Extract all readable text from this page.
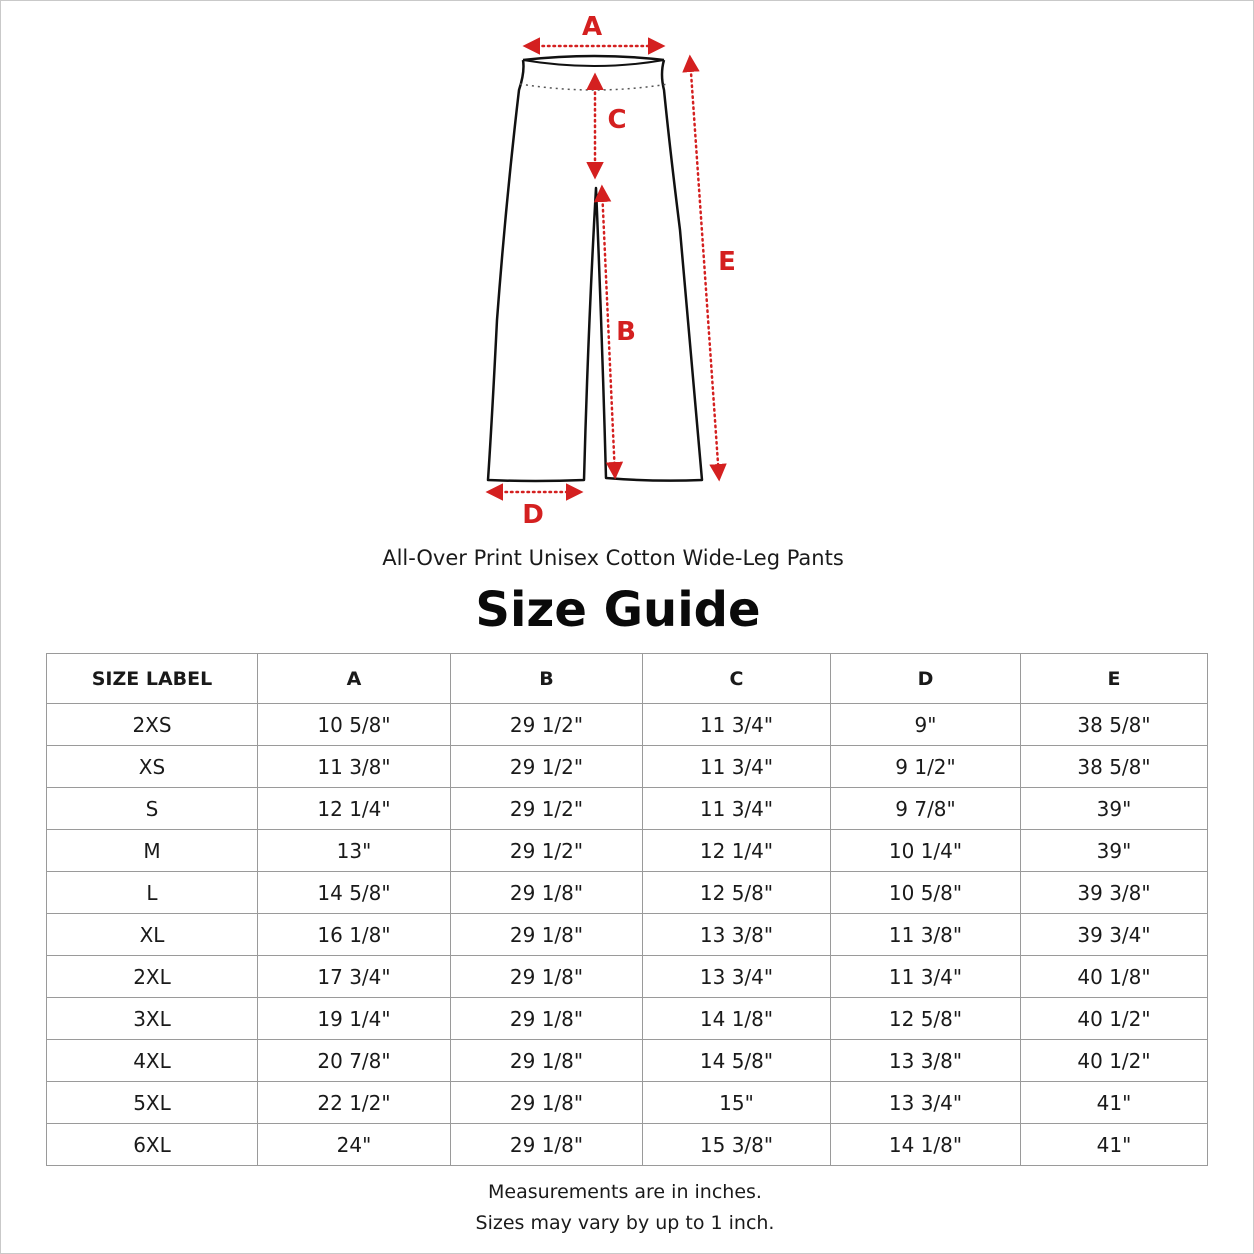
A
C
E
B
D
All-Over Print Unisex Cotton Wide-Leg Pants
Size Guide
SIZE LABEL	A	B	C	D	E
2XS	10 5/8"	29 1/2"	11 3/4"	9"	38 5/8"
XS	11 3/8"	29 1/2"	11 3/4"	9 1/2"	38 5/8"
S	12 1/4"	29 1/2"	11 3/4"	9 7/8"	39"
M	13"	29 1/2"	12 1/4"	10 1/4"	39"
L	14 5/8"	29 1/8"	12 5/8"	10 5/8"	39 3/8"
XL	16 1/8"	29 1/8"	13 3/8"	11 3/8"	39 3/4"
2XL	17 3/4"	29 1/8"	13 3/4"	11 3/4"	40 1/8"
3XL	19 1/4"	29 1/8"	14 1/8"	12 5/8"	40 1/2"
4XL	20 7/8"	29 1/8"	14 5/8"	13 3/8"	40 1/2"
5XL	22 1/2"	29 1/8"	15"	13 3/4"	41"
6XL	24"	29 1/8"	15 3/8"	14 1/8"	41"
Measurements are in inches.
Sizes may vary by up to 1 inch.
